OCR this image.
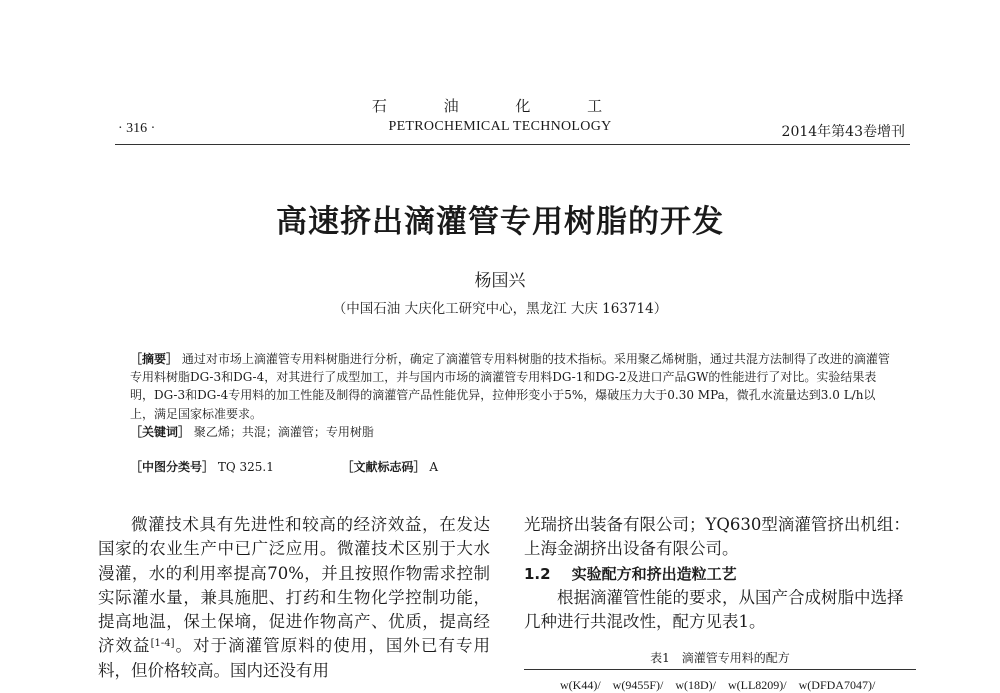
石 油 化 工
PETROCHEMICAL TECHNOLOGY
· 316 ·	2014年第43卷增刊
高速挤出滴灌管专用树脂的开发
杨国兴
（中国石油 大庆化工研究中心，黑龙江 大庆 163714）

［摘要］ 通过对市场上滴灌管专用料树脂进行分析，确定了滴灌管专用料树脂的技术指标。采用聚乙烯树脂，通过共混方法制得了改进的滴灌管专用料树脂DG-3和DG-4，对其进行了成型加工，并与国内市场的滴灌管专用料DG-1和DG-2及进口产品GW的性能进行了对比。实验结果表明，DG-3和DG-4专用料的加工性能及制得的滴灌管产品性能优异，拉伸形变小于5%，爆破压力大于0.30 MPa，微孔水流量达到3.0 L/h以上，满足国家标准要求。

［关键词］ 聚乙烯；共混；滴灌管；专用树脂

［中图分类号］ TQ 325.1	［文献标志码］ A

微灌技术具有先进性和较高的经济效益，在发达国家的农业生产中已广泛应用。微灌技术区别于大水漫灌，水的利用率提高70%，并且按照作物需求控制实际灌水量，兼具施肥、打药和生物化学控制功能，提高地温，保土保墒，促进作物高产、优质，提高经济效益[1-4]。对于滴灌管原料的使用，国外已有专用料，但价格较高。国内还没有用

光瑞挤出装备有限公司；YQ630型滴灌管挤出机组：上海金湖挤出设备有限公司。

1.2 实验配方和挤出造粒工艺

根据滴灌管性能的要求，从国产合成树脂中选择几种进行共混改性，配方见表1。

表1　滴灌管专用料的配方
w(K44)/　w(9455F)/　w(18D)/　w(LL8209)/　w(DFDA7047)/
